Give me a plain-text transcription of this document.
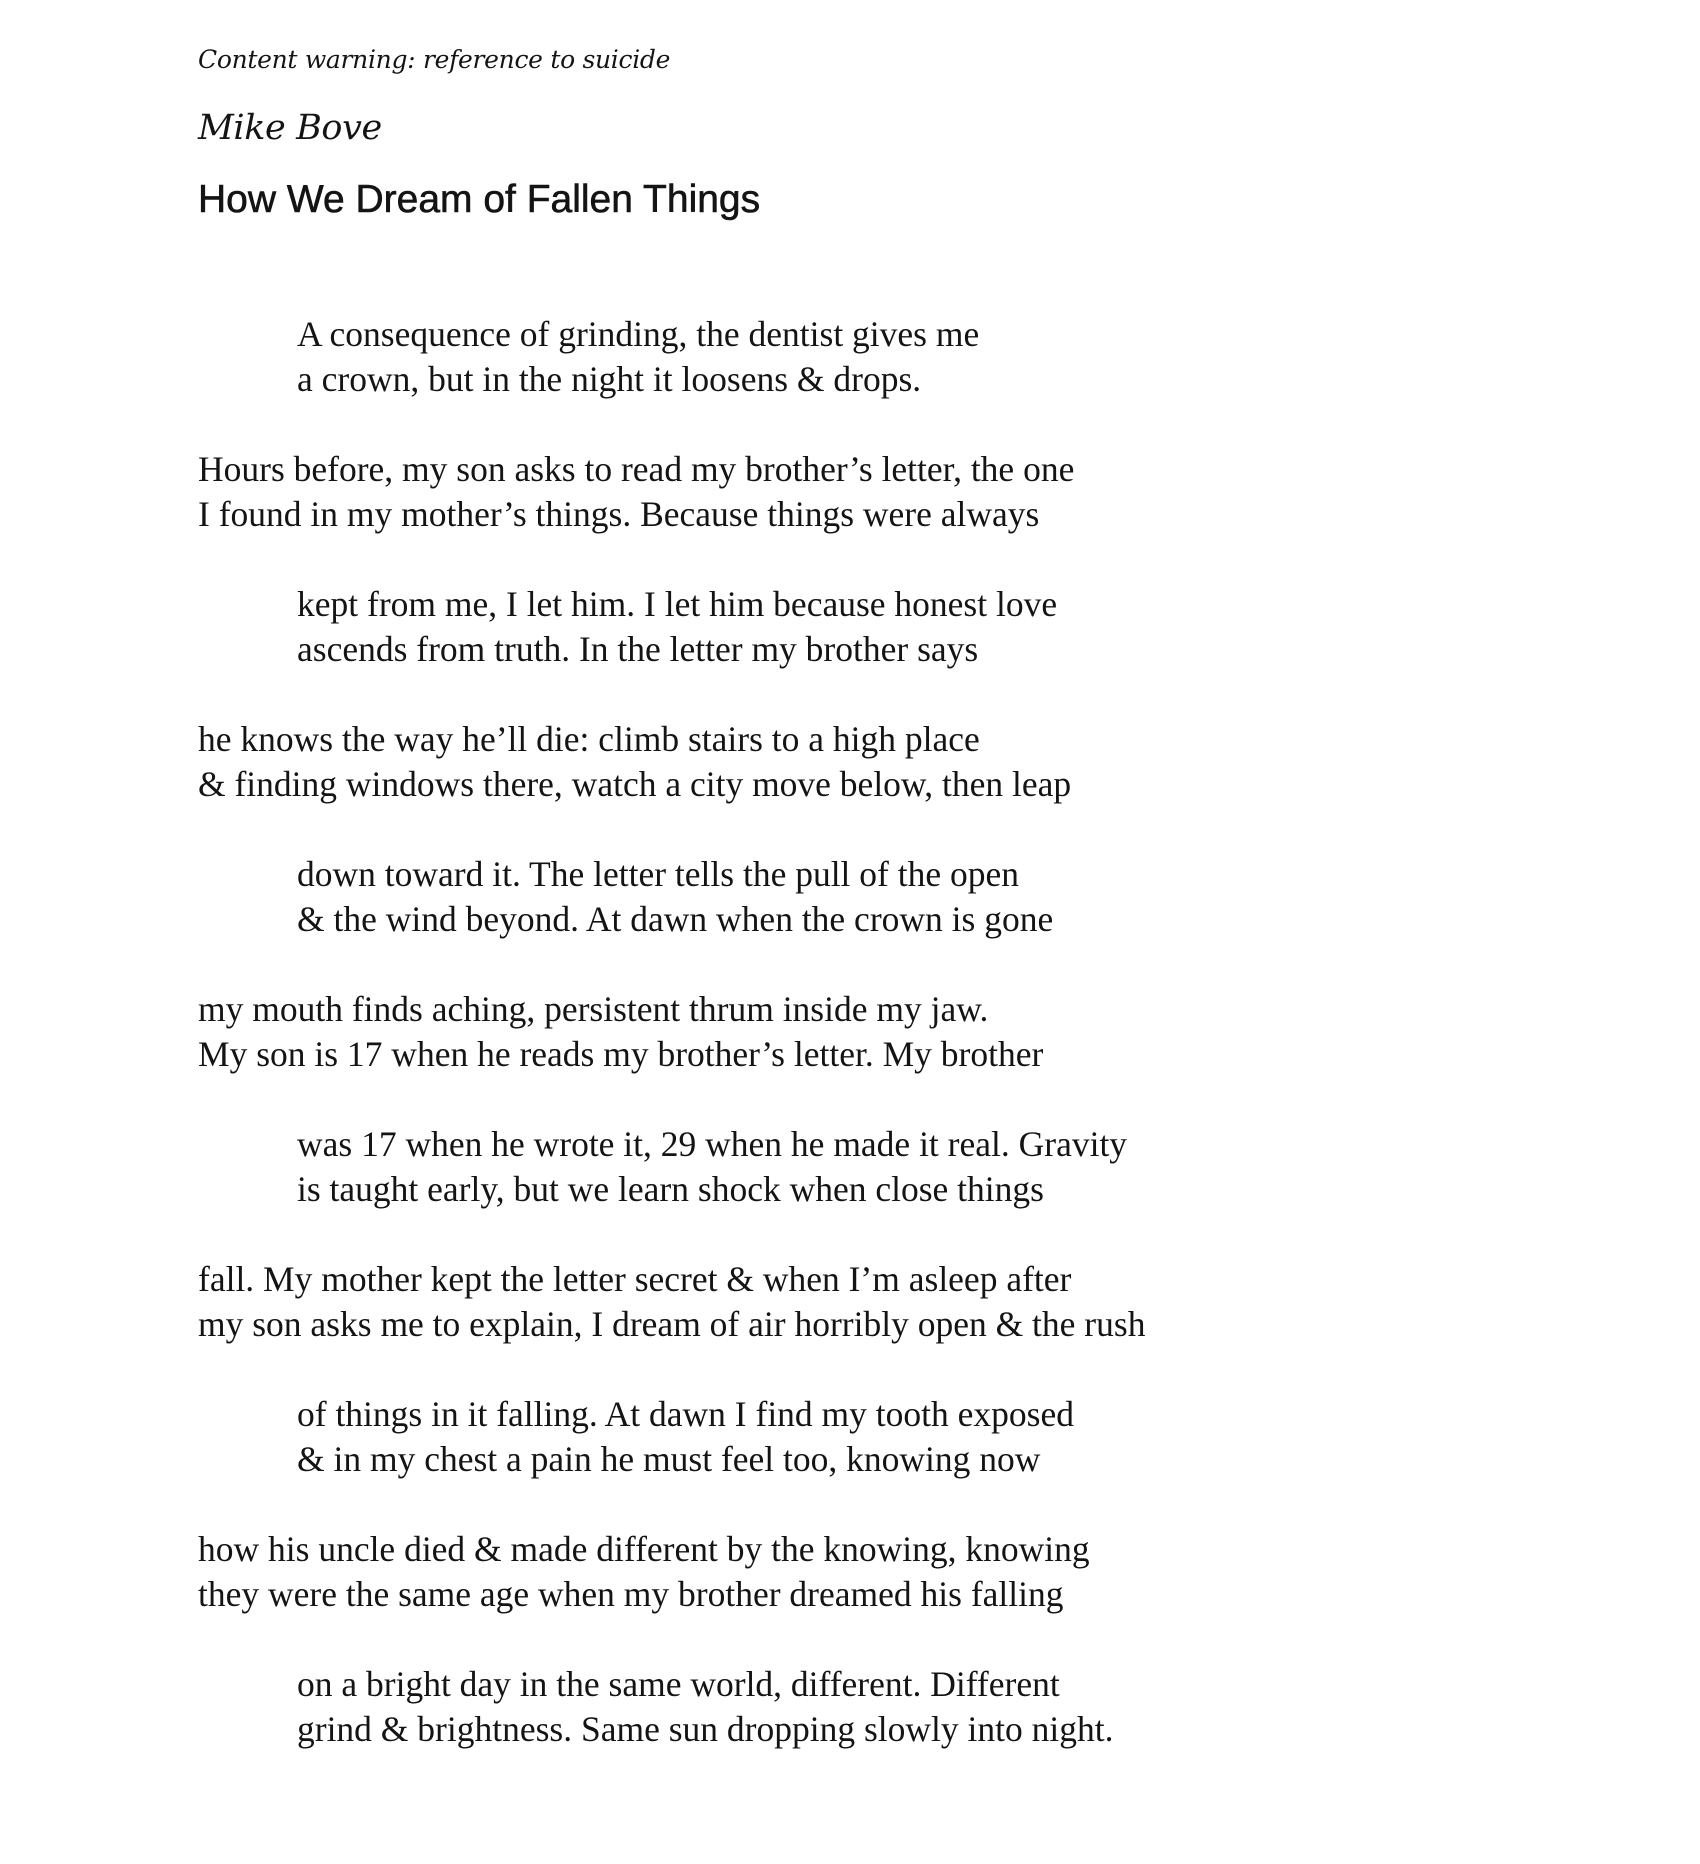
Content warning: reference to suicide
Mike Bove
How We Dream of Fallen Things
A consequence of grinding, the dentist gives me
a crown, but in the night it loosens & drops.
Hours before, my son asks to read my brother’s letter, the one
I found in my mother’s things. Because things were always
kept from me, I let him. I let him because honest love
ascends from truth. In the letter my brother says
he knows the way he’ll die: climb stairs to a high place
& finding windows there, watch a city move below, then leap
down toward it. The letter tells the pull of the open
& the wind beyond. At dawn when the crown is gone
my mouth finds aching, persistent thrum inside my jaw.
My son is 17 when he reads my brother’s letter. My brother
was 17 when he wrote it, 29 when he made it real. Gravity
is taught early, but we learn shock when close things
fall. My mother kept the letter secret & when I’m asleep after
my son asks me to explain, I dream of air horribly open & the rush
of things in it falling. At dawn I find my tooth exposed
& in my chest a pain he must feel too, knowing now
how his uncle died & made different by the knowing, knowing
they were the same age when my brother dreamed his falling
on a bright day in the same world, different. Different
grind & brightness. Same sun dropping slowly into night.
